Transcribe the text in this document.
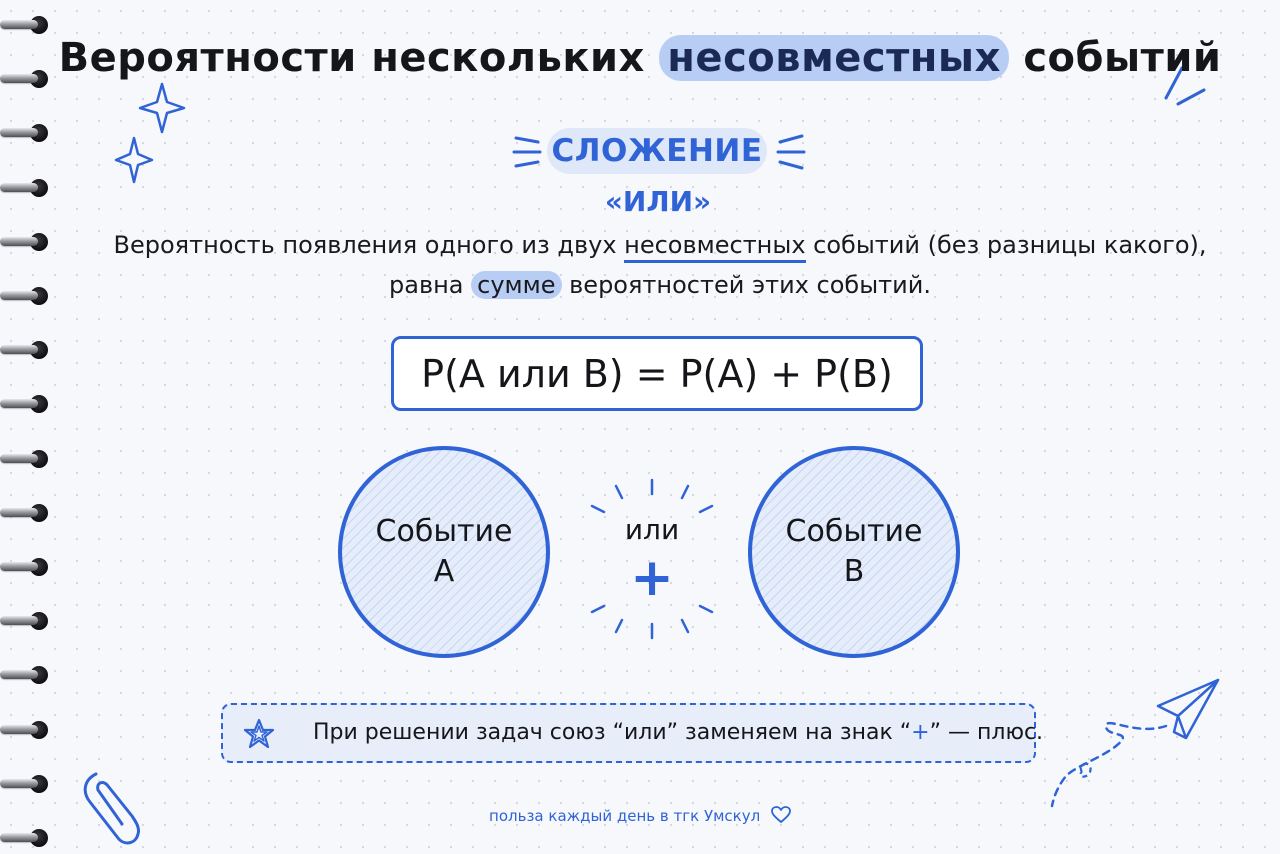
Вероятности нескольких несовместных событий
СЛОЖЕНИЕ
«ИЛИ»
Вероятность появления одного из двух несовместных событий (без разницы какого),
равна сумме вероятностей этих событий.
P(A или B) = P(A) + P(B)
Событие
A
Событие
B
или
+
При решении задач союз “или” заменяем на знак “+” — плюс.
польза каждый день в тгк Умскул
